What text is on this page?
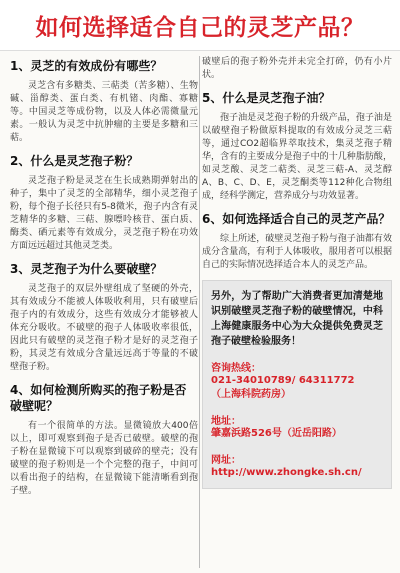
如何选择适合自己的灵芝产品？
1、灵芝的有效成份有哪些？

灵芝含有多糖类、三萜类（苦多糖）、生物碱、甾醇类、蛋白类、有机锗、肉酯、寡糖等。中国灵芝等成份物，以及人体必需微量元素。一般认为灵芝中抗肿瘤的主要是多糖和三萜。

2、什么是灵芝孢子粉？

灵芝孢子粉是灵芝在生长成熟期弹射出的种子，集中了灵芝的全部精华，细小灵芝孢子粉，每个孢子长径只有5-8微米，孢子内含有灵芝精华的多糖、三萜、腺嘌呤核苷、蛋白质、酶类、硒元素等有效成分，灵芝孢子粉在功效方面远远超过其他灵芝类。

3、灵芝孢子为什么要破壁？

灵芝孢子的双层外壁组成了坚硬的外壳，其有效成分不能被人体吸收利用，只有破壁后孢子内的有效成分，这些有效成分才能够被人体充分吸收。不破壁的孢子人体吸收率很低，因此只有破壁的灵芝孢子粉才是好的灵芝孢子粉，其灵芝有效成分含量远远高于等量的不破壁孢子粉。

4、如何检测所购买的孢子粉是否破壁呢？

有一个很简单的方法。显微镜放大400倍以上，即可观察到孢子是否已破壁。破壁的孢子粉在显微镜下可以观察到破碎的壁壳；没有破壁的孢子粉则是一个个完整的孢子，中间可以看出孢子的结构，在显微镜下能清晰看到孢子壁。

破壁后的孢子粉外壳并未完全打碎，仍有小片状。

5、什么是灵芝孢子油？

孢子油是灵芝孢子粉的升级产品，孢子油是以破壁孢子粉做原料提取的有效成分灵芝三萜等，通过CO2超临界萃取技术，集灵芝孢子精华，含有的主要成分是孢子中的十几种脂肪酸，如灵芝酸、灵芝二萜类、灵芝三萜-A、灵芝醇A、B、C、D、E，灵芝酮类等112种化合物组成，经科学测定，营养成分与功效显著。

6、如何选择适合自己的灵芝产品？

综上所述，破壁灵芝孢子粉与孢子油都有效成分含量高，有利于人体吸收，服用者可以根据自己的实际情况选择适合本人的灵芝产品。

另外，为了帮助广大消费者更加清楚地识别破壁灵芝孢子粉的破壁情况，中科上海健康服务中心为大众提供免费灵芝孢子破壁检验服务！
咨询热线：
021-34010789/ 64311772
（上海科院药房）
地址：
肇嘉浜路526号（近岳阳路）
网址：
http://www.zhongke.sh.cn/
